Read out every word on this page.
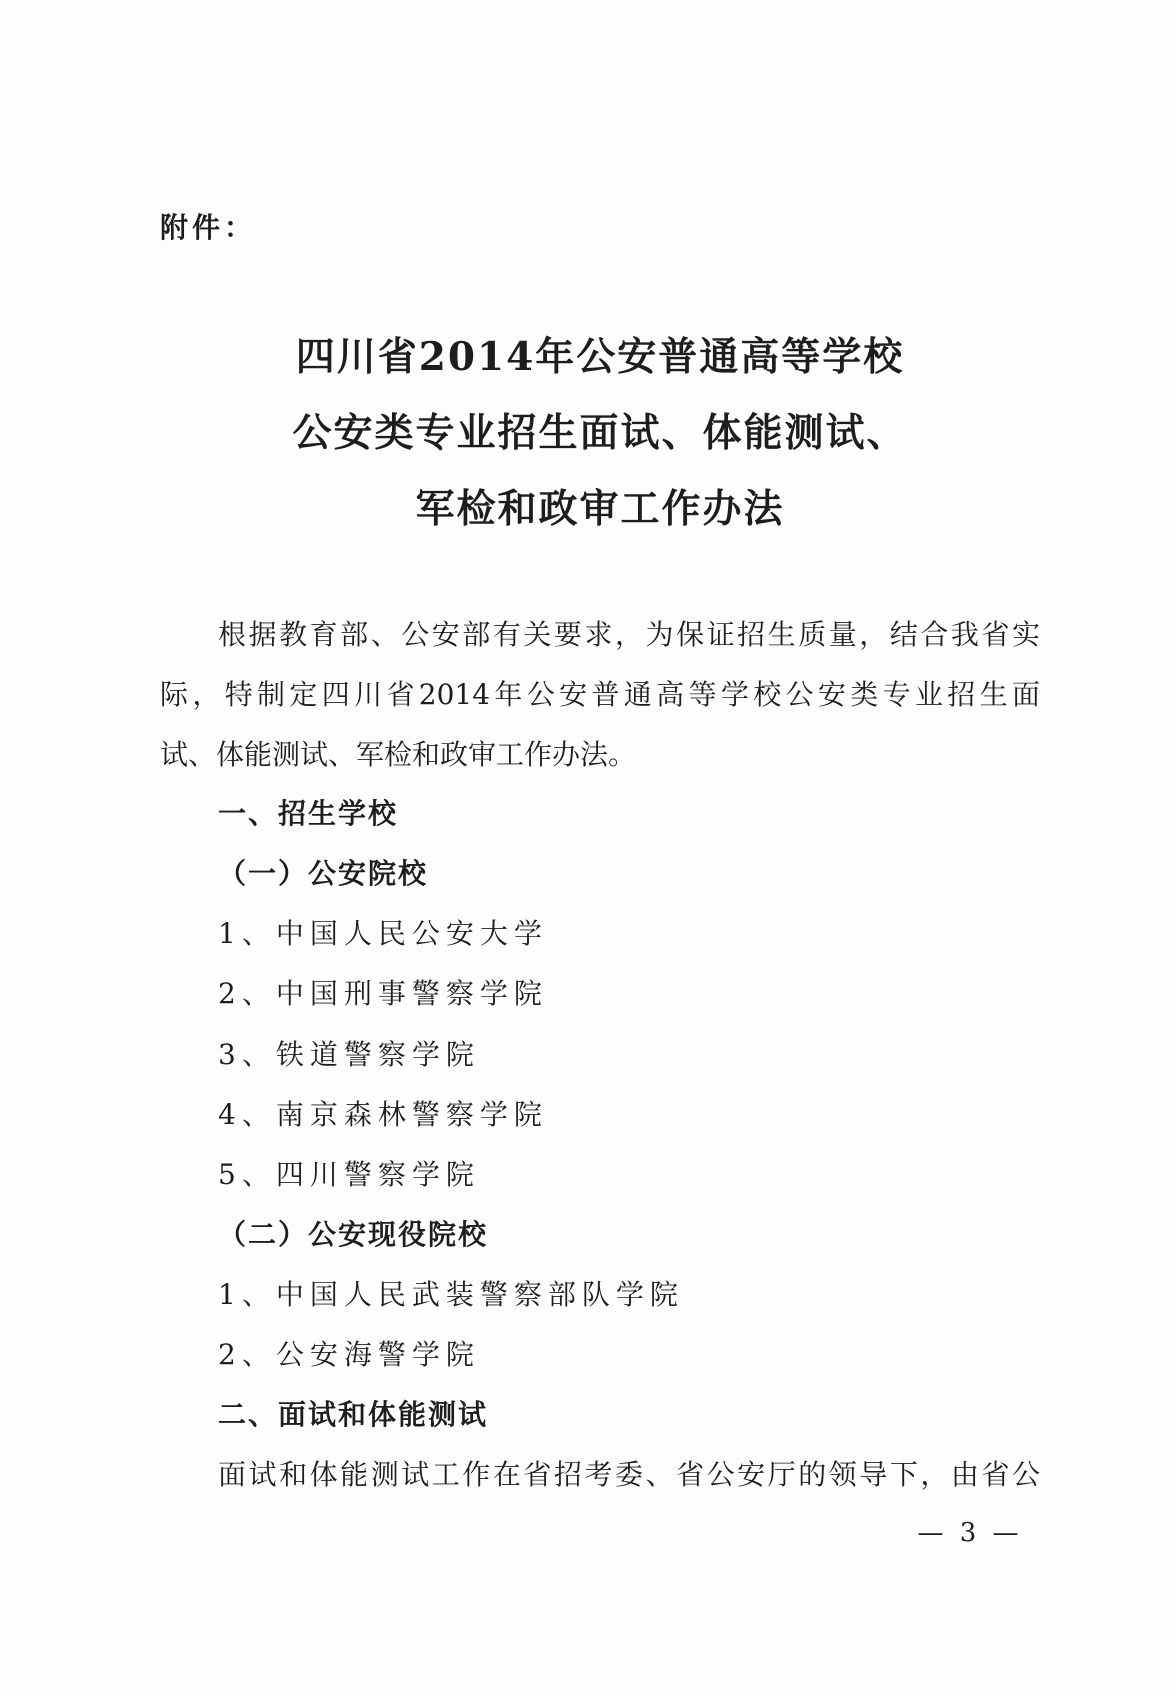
附件：
四川省2014年公安普通高等学校
公安类专业招生面试、体能测试、
军检和政审工作办法
根据教育部、公安部有关要求，为保证招生质量，结合我省实
际，特制定四川省2014年公安普通高等学校公安类专业招生面
试、体能测试、军检和政审工作办法。
一、招生学校
（一）公安院校
1、中国人民公安大学
2、中国刑事警察学院
3、铁道警察学院
4、南京森林警察学院
5、四川警察学院
（二）公安现役院校
1、中国人民武装警察部队学院
2、公安海警学院
二、面试和体能测试
面试和体能测试工作在省招考委、省公安厅的领导下，由省公
— 3 —
